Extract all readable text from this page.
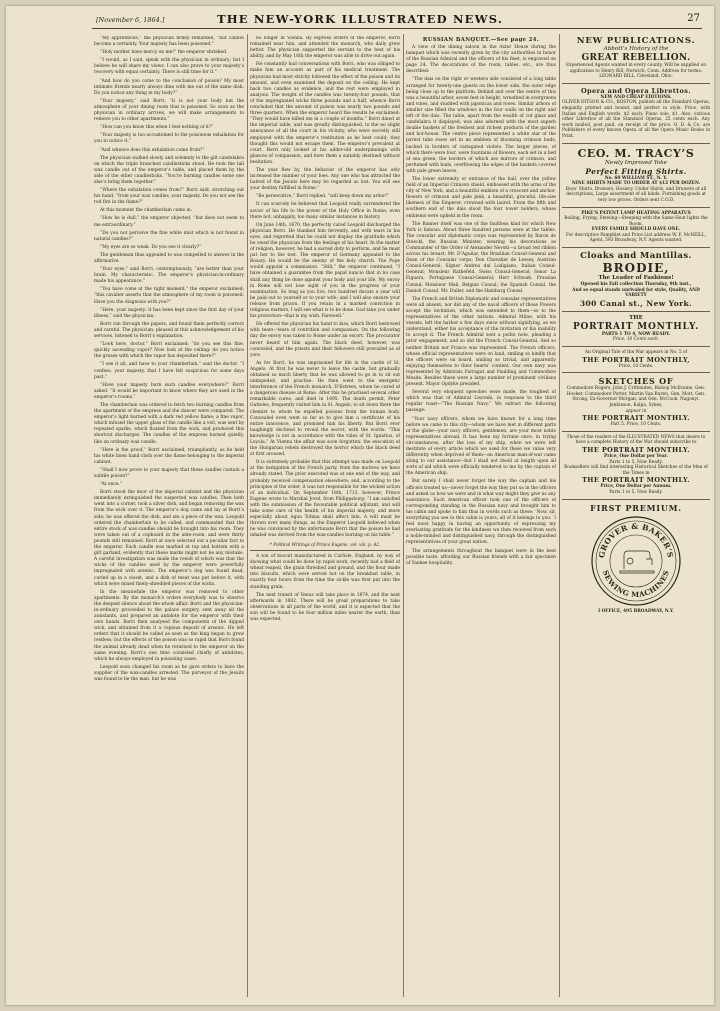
[November 6, 1864.]	THE NEW-YORK ILLUSTRATED NEWS.	27

“My apprentices,” the physician firmly remarked, “but cannot become a certainty. Your majesty has been poisoned.”

“Holy mother have mercy on me!” the emperor shrieked.

“I would, as I said, speak with the physician in ordinary; but I believe he will share my views. I can also prove to your majesty’s recovery with equal certainty. There is still time for it.”

“And how do you come to the conclusion of poison? My most intimate friends nearly always dine with me out of the same dish. Do you notice any thing in my body?”

“Your majesty,” said Borri, “it is not your body but the atmosphere of your dining room that is poisoned. So soon as the physician in ordinary arrives, we will make arrangements to remove you to other apartments.”

“How can you know this when I feel nothing of it?”

“Your majesty is too accustomed to the poisonous exhalation for you to notice it.”

“And whence does this exhalation come from?”

The physician walked slowly and solemnly to the gilt candelabra on which the triple branched candlesticks stood. He took the tall wax candle out of the emperor’s table, and placed them by the side of the other candlesticks. “You’re burning candles some one else’s bring them together.”

“Where the exhalation comes from?” Borri said, stretching out his hand; “from your wax candles, your majesty. Do you not see the red fire in the flame?”

At this moment the chamberlain came in.

“How he is dull,” the emperor objected, “but does not seem to me extraordinary.”

“Do you not perceive the fine white mist which is not found in natural candles?”

“My eyes are so weak. Do you see it clearly?”

The gentleman thus appealed to was compelled to answer in the affirmative.

“Your eyes,” said Borri, contemptuously, “are better than your brain. My characteristic. The emperor’s physician-in-ordinary made his appearance.”

“You have come at the right moment,” the emperor exclaimed; “this cavalier asserts that the atmosphere of my room is poisoned. Have you the diagnosis with you?”

“Here, your majesty: it has been kept since the first day of your illness,” said the physician.

Borri ran through the papers, and found them perfectly correct and careful. The physician, pleased at this acknowledgement of his services, listened to Borri’s explanation.

“Look here, doctor,” Borri exclaimed: “do you see this fine, quickly ascending vapor? Now look at the ceiling: do you notice the grease with which the vapor has deposited there?”

“I see it all, and have to your chamberlain,” said the doctor. “I confess, your majesty, that I have felt suspicious for some days past.”

“Have your majesty burn such candles everywhere?” Borri asked. “It would be important to know where they are used in the emperor’s rooms.”

The chamberlain was ordered to fetch two burning candles from the apartment of the empress and the dancer were compared. The emperor’s light burned with a dark red yellow flame; a fine vapor, which infused the upper glass of the candle like a veil, was sent by repeated sparks, which floated from the wick, and produced this shortcut discharges. The candles of the empress burned quietly, like an ordinary wax candle.

“Here is the proof,” Borri exclaimed, triumphantly, as he held his white linen hand cloth over the flame belonging to the imperial cabinet.

“Shall I now prove to your majesty that these candles contain a subtile poison?”

“At once.”

Borri stood the door of the imperial cabinet and the physician immediately extinguished the suspected wax candles. Then both went into a corner, took a silver dish, and began removing the wax from the wick over it. The emperor’s dog came and lay at Borri’s side; he was offered the dish, and ate a piece of the wax. Leopold ordered the chamberlain to be called, and commanded that the entire stock of wax-candles should be brought into his room. They were taken out of a cupboard in the ante-room, and were thirty pounds still remained. Borri at once selected out a peculiar fact to the emperor. Each candle was marked at top and bottom with a gilt garland, evidently that these marks might not be any mistake. A careful investigation was made the result of which was that the wicks of the candles used by the emperor were powerfully impregnated with arsenic. The emperor’s dog was found dead, curled up in a closet, and a dish of meat was put before it, with which were mixed finely-shredded pieces of the wicks.

In the meanwhile the emperor was removed to other apartments. By the monarch’s orders everybody was to observe the deepest silence about the whole affair. Borri and the physician-in-ordinary proceeded to the palace surgery, sent away all the assistants, and prepared an antidote for the emperor with their own hands. Borri then analysed the components of the dipped wick, and obtained from it a copious deposit of arsenic. He left orders that it should be called as soon as the king began to grow restless; but the effects of the poison was so rapid that Borri found the animal already dead when he returned to the emperor on the same evening. Borri’s one time consisted chiefly of antidotes, which he always employed in poisoning cases.

Leopold soon changed his room as he gave orders to have the supplier of the wax-candles arrested. The purveyor of the Jesuits was found to be the man, but he was

no longer in Vienna. By express orders of the emperor, Borri remained near him, and attended the monarch, who daily grew better. The physician supported the servant to the best of his ability, and by May 16th the emperor was able to drive out again.

He constantly had conversations with Borri, who was obliged to make him an account as part of his medical treatment. The physician had most strictly followed the effect of the poison and its amount, and even examined the deposit on the ceiling. He kept back two candles as evidence, and the rest were employed in analysis. The weight of the candles was twenty-four pounds, that of the impregnated wicks three pounds and a half, whence Borri concluded that the amount of poison was nearly two pounds and three quarters. When the emperor heard the results he exclaimed: “They would have killed me in a couple of months.” Borri dined at the imperial table, and was greatly distinguished, to the no slight annoyance of all the court in his vicinity, who were secretly still employed with the emperor’s restitution as he best could; they thought this would not escape them. The emperor’s prevalent at court. Borri only looked at his adder-old underpinnings with glances of compassion, and bore them a suitably destined without hesitation.

The year flew by, the behavior of the emperor has only increased the number of your foes. Any one who has attracted the hatred of the Jesuits here may be regarded as lost. You will see your destiny fulfilled in Rome.”

“Be persecutive,” Borri replied, “will keep down my ardor!”

It can scarcely be believed that Leopold really surrendered the savior of his life to the power of the Holy Office in Rome; even there not, unhappily, too many similar instances in history.

On June 14th, 1670, the perfectly cured Leopold discharged the physician Borri. He thanked him fervently, and with tears in his eyes, and regretted that he could not display the gratitude which he owed the physician from the feelings of his heart. In the matter of religion, however, he had a sacred duty to perform, and he must put her to the test. The emperor of Germany appealed to the Rosary. He would be the enemy of the holy church. The Pope would appoint a commission. “Still,” the emperor continued, “I have obtained a guarantee from the papal nuncio that in no case shall any thing be done against your body and your life. My envoy in Rome will not lose sight of you in the progress of your examination. So long as you live, two hundred ducats a year will be paid out to yourself or to your wife; and I will also ensure your release from prison. If you retain in a marked conviction in religious matters, I will see what is to be done. God take you under his protection—that is my wish. Farewell.”

He offered the physician his hand to kiss, which Borri bestowed with tears—tears of contrition and compassion. On the following day the envoy was taken to Rome under an escort. The procurator never heard of him again. The black deed, however, was concealed, and the priests and their fellowers still prevailed as of yore.

As for Borri, he was imprisoned for life in the castle of St. Angelo. At first he was never to leave the castle, but gradually obtained so much liberty that he was allowed to go in to sit out unimpeded, and practise. He then went to the energetic interference of the French monarch, D’Estrees, whom he cured of a dangerous disease at Rome. After this he practised several other remarkable cures, and died in 1695. The death permit, Peter Gutteles, frequently visited him in St. Angelo, to sit down there the chemist to whom he expelled poisons from the human body. Concealed even went so far as to give him a certificate of his entire innocence, and promised him his liberty. But Borri ever laughingly declined to reveal the secret, with the words: “This knowledge is not in accordance with the rules of St. Ignatius, of Loyola.” At Vienna the affair was soon forgotten: the execution of the Hungarian rebels destroyed the horror which the black deed at first aroused.

It is extremely probable that this attempt was made on Leopold at the instigation of the French party, from the motives we have already stated. The prior executed was at one end of the way, and probably received compensation elsewhere; and, according to the principles of the order, it was not responsible for the wicked action of an individual. On September 18th, 1713, however, Prince Eugene wrote to Marshal Jovel, from Philippsburg: “I am satisfied with the submission of the favourable political adjutant, and will take some care of the health of his imperial majesty, and more especially about Agua Tofana shall affect him. A will must be thrown over many things, as the Emperor Leopold believed when he was convinced by the unfortunate Borri that the poison he had inhaled was derived from the wax-candles burning on his table.”

* Political Writings of Prince Eugene, vol. viii. p. 42.

A ton of biscuit manufactured in Carlisle, England, by way of showing what could be done by rapid work, recently had a field of wheat reaped, the grain threshed and ground, and the flour made into biscuits, which were served hot on the breakfast table, in exactly four hours from the time the sickle was first put into the standing grain.

The next transit of Venus will take place in 1874, and the next afterwards in 1882. There will be great preparations to take observations in all parts of the world, and it is expected that the sun will be found to be four million miles nearer the earth, than was expected.

RUSSIAN BANQUET.—See page 24.

A view of the dining saloon in the Astor House during the banquet which was recently given by the city authorities in honor of the Russian Admiral and the officers of his fleet, is engraved on page 24. The decorations of the room, tables, etc., are thus described:

“The dais on the right or western side consisted of a long table arranged for twenty-one guests on the lower side, the outer edge being close up to the platform. Behind and over the centre of this was a beautiful arbor, seven feet in height, wreathed in evergreens and vines, and studded with japonicas and roses. Similar arbors of smaller size filled the windows in the four walls on the right and left of the dais. The table, apart from the wealth of cut glass and candelabra it displayed, was also adorned with the most superb double baskets of the freshest and richest products of the garden and hot-house. The centre piece represented a white star of the purest tube roses set in an emblem of blooming crimson buds, backed in borders of variegated violets. The larger pieces, of which there were four, were fountains of flowers, each set in a bed of sea green, the borders of which are mirrors of crimson, and perfumed with buds, overflowing the edges of the baskets covered with pale green leaves.

The lower extremity or entrance of the hall, over the yellow field of an Imperial Crimson shield, embossed with the arms of the city of New York, and a beautiful emblem of a crescent and anchor, flowers of crimson and pale pink, a beautiful, graceful, life-size likeness of the Emperor, crowned with laurel. From the fifth and southern end of the dais stood the four tower holders, whose emblems were upheld in the room.

The Banner itself was one of the faultless kind for which New York is famous. About three hundred persons were at the tables. The consular and diplomatic corps was represented by Baron de Stoeckl, the Russian Minister, wearing his decorations as Commander of the Order of Alexander Nevski—a broad red ribbon across his breast; Mr. D’Aguilar, the Brazilian Consul-General and Dean of the Consular corps; Don Chevalier de Lessey, Austrian Consul-General; Signor Andrea dal Lodigiano, Italian Consul-General; Monsieur Rathefeld, Swiss Consul-General; Senor La Figuera, Portuguese Consul-General; Herr Schwab, Prussian Consul; Monsieur Mali, Belgian Consul; the Spanish Consul, the Danish Consul, Mr. Duller, and the Hamburg Consul.

The French and British Diplomatic and consular representatives were all absent; nor did any of the naval officers of those Powers accept the invitation, which was extended to them—so to the representatives of the other nations. Admiral Milne, with his vessels, left the harbor a few days since without signifying, as we understand, either his acceptance of the invitation or his inability to accept it. The French Admiral sent a polite note, pleading a prior engagement, and so did the French Consul-General. And so neither Britain nor France was represented. The French officers, whose official representatives were on land, smiling so kindly that the officers were on board, smiling so trivial, and apparently enjoying themselves to their hearts’ content. Our own navy was represented by Admirals Farragut and Paulding and Commodore Meade. Besides these were a large number of prominent civilians present. Mayor Opdyke presided.

Several very eloquent speeches were made, the toughest of which was that of Admiral Lisovski, in response to the third regular toast—“The Russian Navy.” We extract the following passage:

“Your navy officers, whom we have known for a long time before we came to this city—whom we have met in different parts of the globe—your navy officers, gentlemen, are your most noble representatives abroad. It has been my fortune once, in trying circumstances, after the loss of my ship, when we were left destitute of every article which we used for these we value very differently when deprived of them—an American man-of-war came along to our assistance—but I shall not dwell at length upon all sorts of aid which were officially tendered to me by the captain of the American ship.

But surely I shall never forget the way the captain and his officers treated us—never forget the way they put us in the officers and asked us how we were and in what way might they give us any assistance. Each American officer took one of the officers of corresponding standing in the Russian navy and brought him to his cabin and spoke to him thus in words such as these: ‘Now, sir, everything you see in this cabin is yours; all of it belongs to you.’ I feel most happy in having an opportunity of expressing my everlasting gratitude for the kindness we then received from such a noble-minded and distinguished navy, through the distinguished representatives of your great nation.

The arrangements throughout the banquet were in the best possible taste, affording our Russian friends with a fair specimen of Yankee hospitality.

NEW PUBLICATIONS.
Abbott’s History of the
GREAT REBELLION.
Experienced Agents wanted in every county. Will be supplied on application to Henry Bill, Norwich, Conn. Address for terms: LEONARD BILL, Cleveland, Ohio.
Opera and Opera Librettos.
NEW AND CHEAP EDITIONS.
OLIVER DITSON & CO., BOSTON, publish all the Standard Operas, elegantly printed and bound, and perfect in style. Price, with Italian and English words, $2 each; Piano solo, $1. Also, various other Librettos of all the Standard Operas, 25 cents each. Any work mailed, post paid, on receipt of the price. O. D. & Co. are Publishers of every known Opera of all the Opera Music Books in Print.
CEO. M. TRACY’S
Newly Improved Yoke
Perfect Fitting Shirts.
No. 60 WILLIAM ST., N. Y.
NINE SHIRTS MADE TO ORDER AT $12 PER DOZEN.
Boys’ Shirts, Drawers, Hosiery, Under Shirts, and Drawers of all descriptions, Large assortment of all kinds. Furnishing goods at very low prices. Orders sent C.O.D.
PIKE’S PATENT LAMP HEATING APPARATUS
Boiling, Frying, Stewing—Steeping with the Same Heat lights the Room.
EVERY FAMILY SHOULD HAVE ONE.
For descriptive Pamphlet and Price List address W. F. McNEILL, Agent, 593 Broadway, N.Y. Agents wanted.
Cloaks and Mantillas.
BRODIE,
The Leader of Fashions!
Opened his Fall collection Thursday, 9th inst.,
And so equal stands unrivaled for style, Quality, AND VARIETY
300 Canal st., New York.
THE
PORTRAIT MONTHLY.
PARTS 1 TO 4, NOW READY.
Price, 10 Cents each.
An Original Tale of the War appears in No. 5 of
THE PORTRAIT MONTHLY,
Price, 10 Cents.
SKETCHES OF
Commodore Rogers, John J. Crittenden, Bishop McIlvaine, Gen. Hooker, Commodore Porter, Martin Van Buren, Gen. Mott, Gen. Strong, Ex-Governor Morgan, and Gen. McCook, Nagonyi, Jenkinson, Kalpa, Sykes,
appear in
THE PORTRAIT MONTHLY.
Part 5. Price, 10 Cents.
Those of the readers of the ILLUSTRATED NEWS that desire to have a complete History of the War should subscribe to
THE PORTRAIT MONTHLY.
Price, One Dollar per Year.
Parts 1 to 5, Now Ready.
Booksellers will find interesting Historical Sketches of the Men of the Times in
THE PORTRAIT MONTHLY.
Price, One Dollar per Annum.
Parts 1 to 5, Now Ready.
FIRST PREMIUM.
GROVER & BAKER’S
SEWING MACHINES
I OFFICE, 495 BROADWAY, N.Y.
